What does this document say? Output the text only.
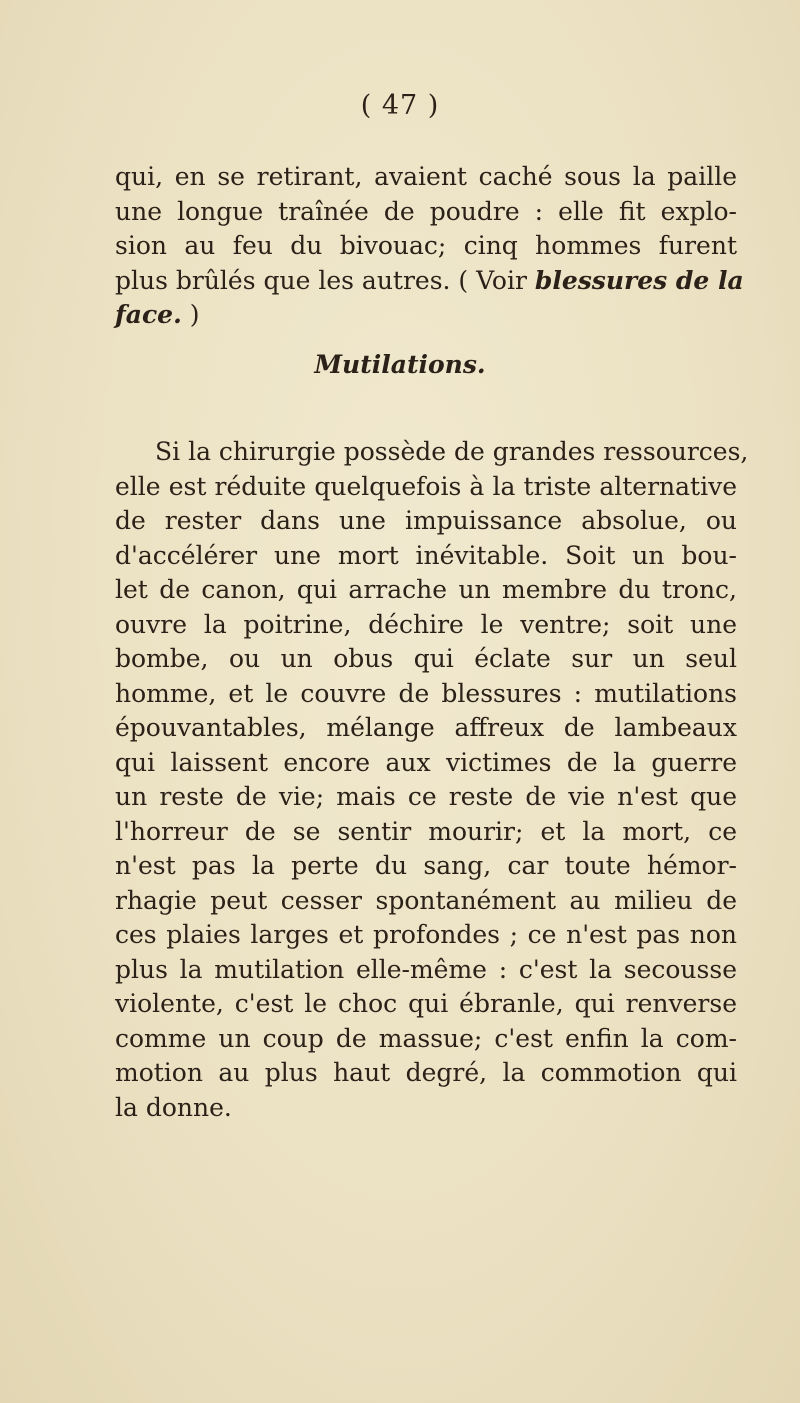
( 47 )
qui, en se retirant, avaient caché sous la paille
une longue traînée de poudre : elle fit explo-
sion au feu du bivouac; cinq hommes furent
plus brûlés que les autres. ( Voir blessures de la
face. )
Mutilations.
Si la chirurgie possède de grandes ressources,
elle est réduite quelquefois à la triste alternative
de rester dans une impuissance absolue, ou
d'accélérer une mort inévitable. Soit un bou-
let de canon, qui arrache un membre du tronc,
ouvre la poitrine, déchire le ventre; soit une
bombe, ou un obus qui éclate sur un seul
homme, et le couvre de blessures : mutilations
épouvantables, mélange affreux de lambeaux
qui laissent encore aux victimes de la guerre
un reste de vie; mais ce reste de vie n'est que
l'horreur de se sentir mourir; et la mort, ce
n'est pas la perte du sang, car toute hémor-
rhagie peut cesser spontanément au milieu de
ces plaies larges et profondes ; ce n'est pas non
plus la mutilation elle-même : c'est la secousse
violente, c'est le choc qui ébranle, qui renverse
comme un coup de massue; c'est enfin la com-
motion au plus haut degré, la commotion qui
la donne.
